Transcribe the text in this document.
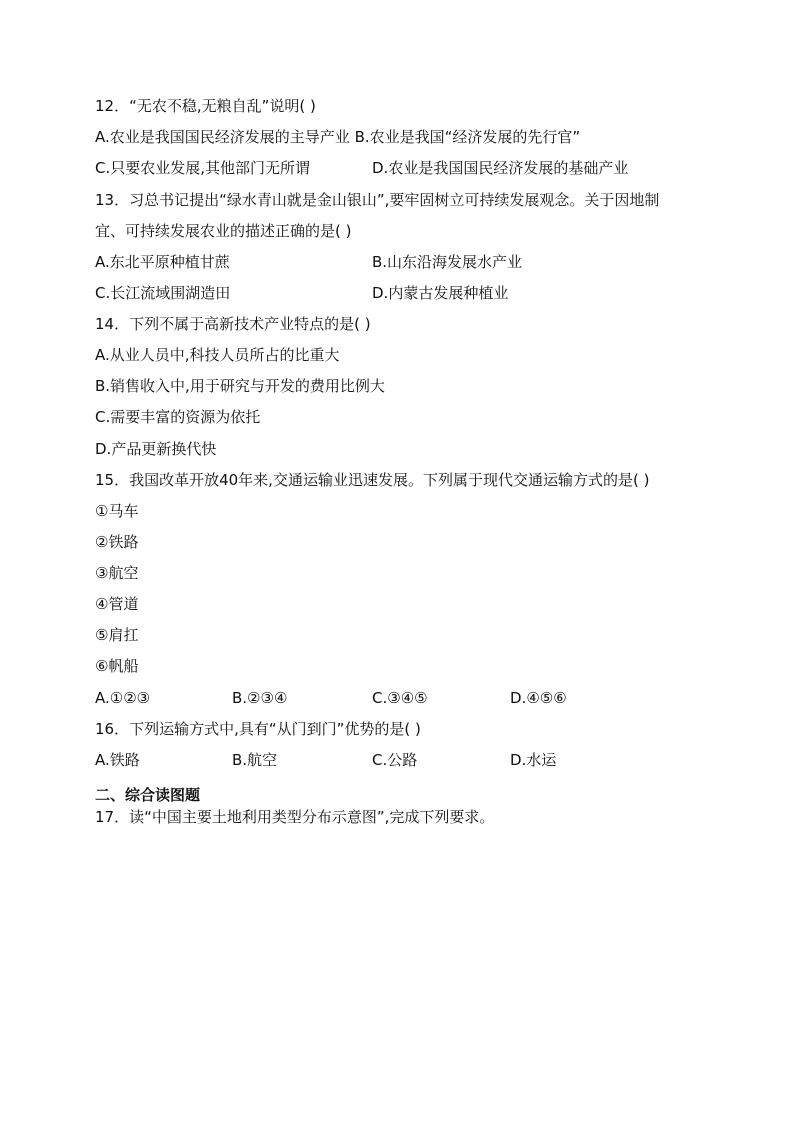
12．“无农不稳,无粮自乱”说明( )
A.农业是我国国民经济发展的主导产业 B.农业是我国“经济发展的先行官”
C.只要农业发展,其他部门无所谓	D.农业是我国国民经济发展的基础产业
13．习总书记提出“绿水青山就是金山银山”,要牢固树立可持续发展观念。关于因地制
宜、可持续发展农业的描述正确的是( )
A.东北平原种植甘蔗	B.山东沿海发展水产业
C.长江流域围湖造田	D.内蒙古发展种植业
14．下列不属于高新技术产业特点的是( )
A.从业人员中,科技人员所占的比重大
B.销售收入中,用于研究与开发的费用比例大
C.需要丰富的资源为依托
D.产品更新换代快
15．我国改革开放40年来,交通运输业迅速发展。下列属于现代交通运输方式的是( )
①马车
②铁路
③航空
④管道
⑤肩扛
⑥帆船
A.①②③	B.②③④	C.③④⑤	D.④⑤⑥
16．下列运输方式中,具有“从门到门”优势的是( )
A.铁路	B.航空	C.公路	D.水运
二、综合读图题
17．读“中国主要土地利用类型分布示意图”,完成下列要求。
